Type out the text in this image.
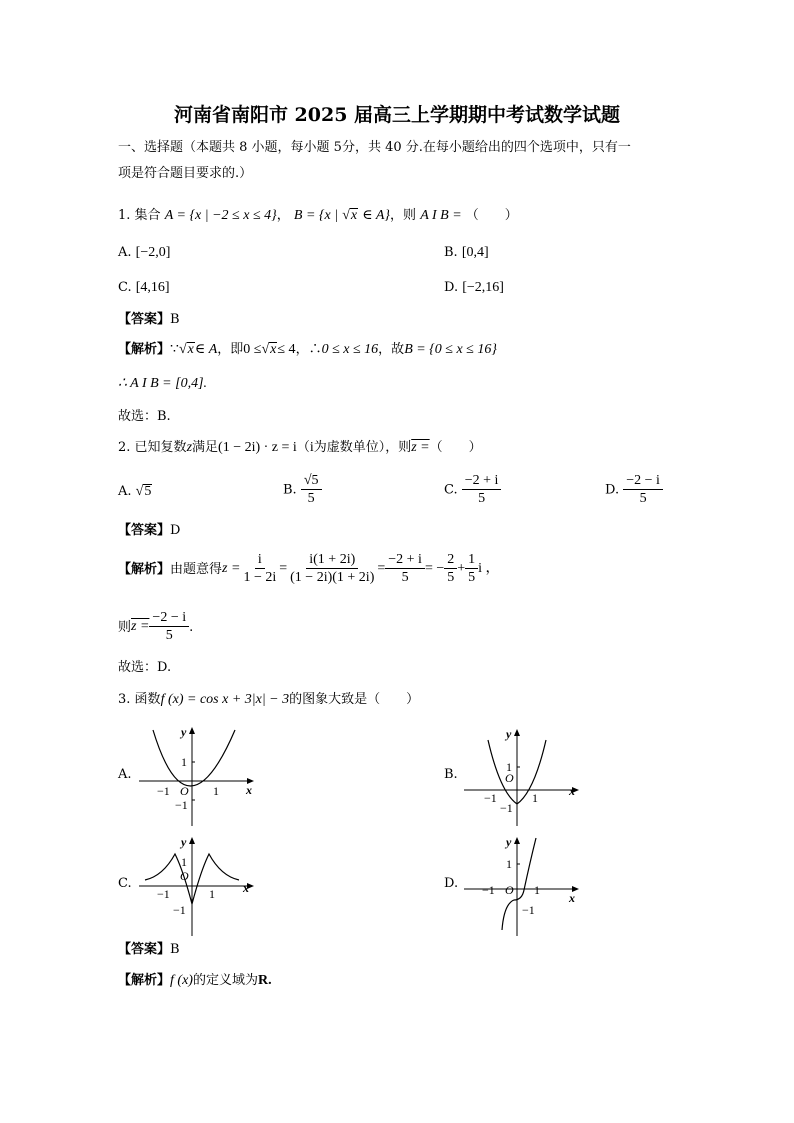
河南省南阳市 2025 届高三上学期期中考试数学试题
一、选择题（本题共 8 小题，每小题 5分，共 40 分.在每小题给出的四个选项中，只有一
项是符合题目要求的.）
1. 集合 A = {x | −2 ≤ x ≤ 4}， B = {x | √x ∈ A}，则 A I B = （　　）
A. [−2,0]	B. [0,4]
C. [4,16]	D. [−2,16]
【答案】B
【解析】∵√x∈ A，即0 ≤√x≤ 4，∴0 ≤ x ≤ 16，故B = {0 ≤ x ≤ 16}
∴ A I B = [0,4].
故选：B.
2. 已知复数z满足(1 − 2i) · z = i（i为虚数单位），则z =（　　）
A. √5	B. $\frac{√5}{5}$	C. $\frac{-2 + i}{5}$	D. $\frac{-2 - i}{5}$
【答案】D
【解析】 由题意得 $z = \frac{i}{1 - 2i} = \frac{i(1 + 2i)}{(1 - 2i)(1 + 2i)} = \frac{-2 + i}{5}$ = − $\frac{2}{5} + \frac{1}{5}$ i ，
则 $z = \frac{-2 - i}{5}$ .
故选：D.
3. 函数f (x) = cos x + 3|x| − 3的图象大致是（　　）
A.	B.
C.	D.
y
x
O
−1	1
1
−1
y
x
O
−1	1
1
−1
y
x
O
−1	1
1
−1
y
x
O
−1	1
1
−1
【答案】B
【解析】f (x)的定义域为R.
